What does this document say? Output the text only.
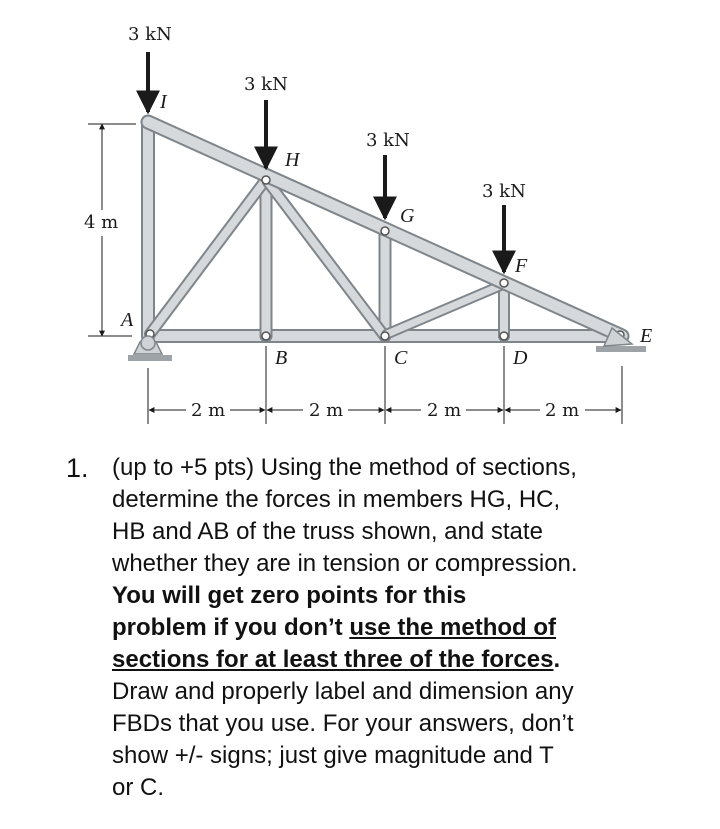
3 kN
3 kN
3 kN
3 kN
I
H
G
F
A
E
B	C	D
4 m
2 m	2 m	2 m	2 m
1. (up to +5 pts) Using the method of sections,
determine the forces in members HG, HC,
HB and AB of the truss shown, and state
whether they are in tension or compression.
You will get zero points for this
problem if you don’t use the method of
sections for at least three of the forces.
Draw and properly label and dimension any
FBDs that you use. For your answers, don’t
show +/- signs; just give magnitude and T
or C.
